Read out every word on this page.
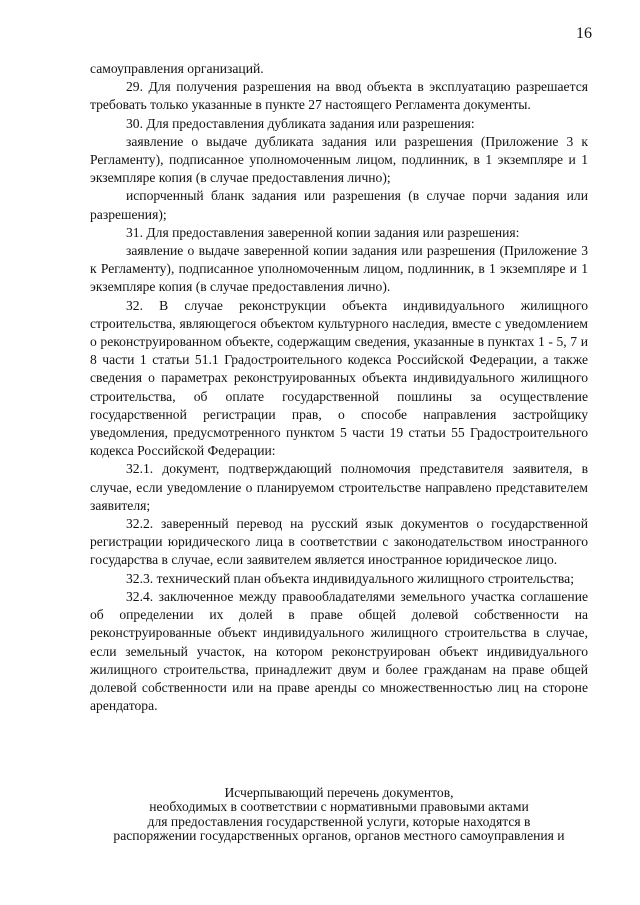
16

самоуправления организаций.

29. Для получения разрешения на ввод объекта в эксплуатацию разрешается требовать только указанные в пункте 27 настоящего Регламента документы.

30. Для предоставления дубликата задания или разрешения:

заявление о выдаче дубликата задания или разрешения (Приложение 3 к Регламенту), подписанное уполномоченным лицом, подлинник, в 1 экземпляре и 1 экземпляре копия (в случае предоставления лично);

испорченный бланк задания или разрешения (в случае порчи задания или разрешения);

31. Для предоставления заверенной копии задания или разрешения:

заявление о выдаче заверенной копии задания или разрешения (Приложение 3 к Регламенту), подписанное уполномоченным лицом, подлинник, в 1 экземпляре и 1 экземпляре копия (в случае предоставления лично).

32. В случае реконструкции объекта индивидуального жилищного строительства, являющегося объектом культурного наследия, вместе с уведомлением о реконструированном объекте, содержащим сведения, указанные в пунктах 1 - 5, 7 и 8 части 1 статьи 51.1 Градостроительного кодекса Российской Федерации, а также сведения о параметрах реконструированных объекта индивидуального жилищного строительства, об оплате государственной пошлины за осуществление государственной регистрации прав, о способе направления застройщику уведомления, предусмотренного пунктом 5 части 19 статьи 55 Градостроительного кодекса Российской Федерации:

32.1. документ, подтверждающий полномочия представителя заявителя, в случае, если уведомление о планируемом строительстве направлено представителем заявителя;

32.2. заверенный перевод на русский язык документов о государственной регистрации юридического лица в соответствии с законодательством иностранного государства в случае, если заявителем является иностранное юридическое лицо.

32.3. технический план объекта индивидуального жилищного строительства;

32.4. заключенное между правообладателями земельного участка соглашение об определении их долей в праве общей долевой собственности на реконструированные объект индивидуального жилищного строительства в случае, если земельный участок, на котором реконструирован объект индивидуального жилищного строительства, принадлежит двум и более гражданам на праве общей долевой собственности или на праве аренды со множественностью лиц на стороне арендатора.

Исчерпывающий перечень документов,
необходимых в соответствии с нормативными правовыми актами
для предоставления государственной услуги, которые находятся в
распоряжении государственных органов, органов местного самоуправления и
